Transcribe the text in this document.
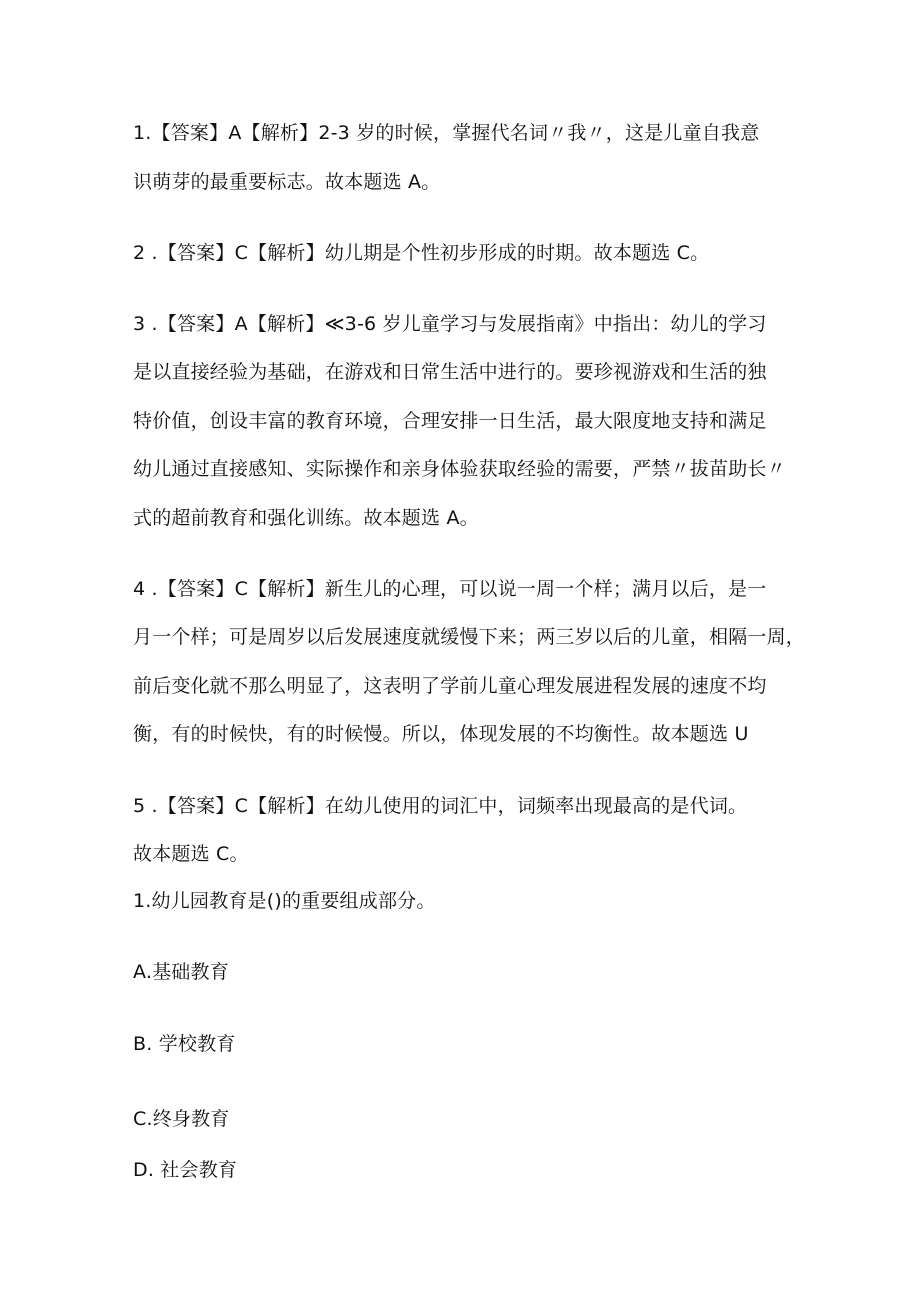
1.【答案】A【解析】2-3 岁的时候，掌握代名词〃我〃，这是儿童自我意
识萌芽的最重要标志。故本题选 A。
2 .【答案】C【解析】幼儿期是个性初步形成的时期。故本题选 C。
3 .【答案】A【解析】≪3-6 岁儿童学习与发展指南》中指出：幼儿的学习
是以直接经验为基础，在游戏和日常生活中进行的。要珍视游戏和生活的独
特价值，创设丰富的教育环境，合理安排一日生活，最大限度地支持和满足
幼儿通过直接感知、实际操作和亲身体验获取经验的需要，严禁〃拔苗助长〃
式的超前教育和强化训练。故本题选 A。
4 .【答案】C【解析】新生儿的心理，可以说一周一个样；满月以后，是一
月一个样；可是周岁以后发展速度就缓慢下来；两三岁以后的儿童，相隔一周，
前后变化就不那么明显了，这表明了学前儿童心理发展进程发展的速度不均
衡，有的时候快，有的时候慢。所以，体现发展的不均衡性。故本题选 U
5 .【答案】C【解析】在幼儿使用的词汇中，词频率出现最高的是代词。
故本题选 C。
1.幼儿园教育是()的重要组成部分。
A.基础教育
B. 学校教育
C.终身教育
D. 社会教育
